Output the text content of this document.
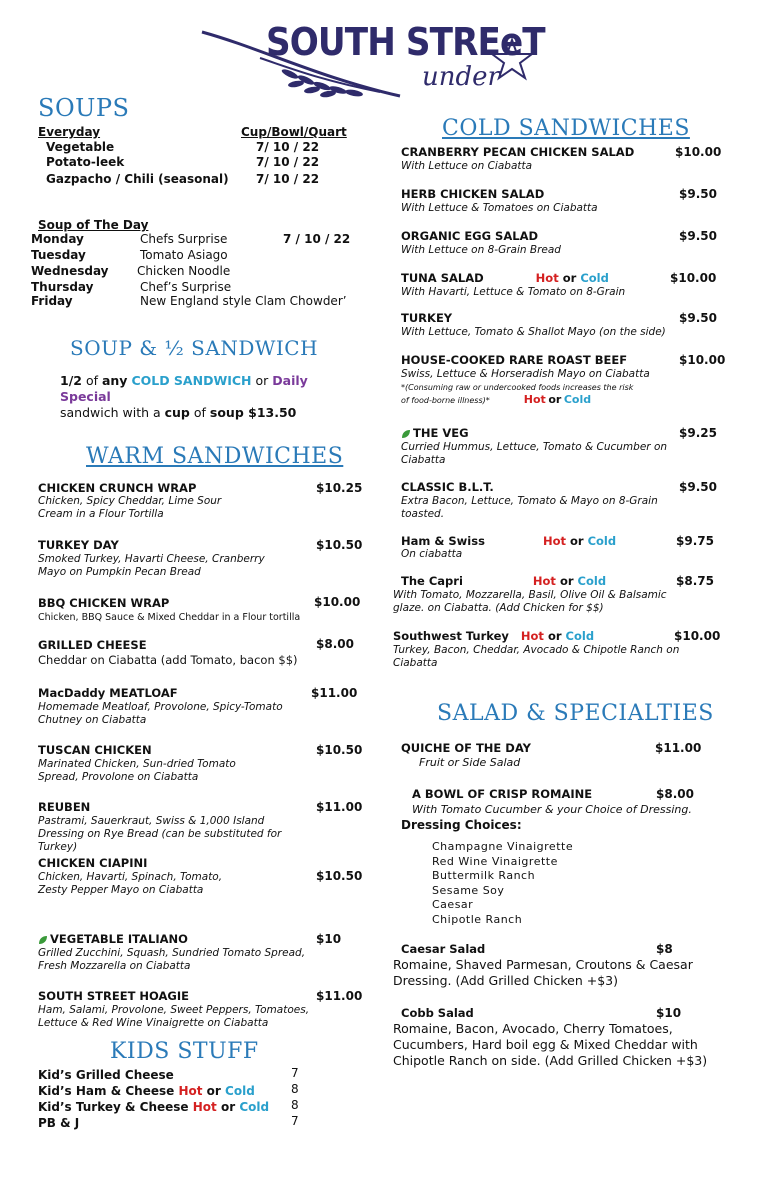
SOUTH STREeT
under
SOUPS
Everyday	Cup/Bowl/Quart
Vegetable	7/ 10 / 22
Potato-leek	7/ 10 / 22
Gazpacho / Chili (seasonal) 7/ 10 / 22
Soup of The Day
Monday	Chefs Surprise	7 / 10 / 22
Tuesday	Tomato Asiago
Wednesday Chicken Noodle
Thursday	Chef’s Surprise
Friday	New England style Clam Chowder’
SOUP & ½ SANDWICH
1/2 of any COLD SANDWICH or Daily Special
sandwich with a cup of soup $13.50
WARM SANDWICHES
CHICKEN CRUNCH WRAP	$10.25
Chicken, Spicy Cheddar, Lime Sour Cream in a Flour Tortilla
TURKEY DAY	$10.50
Smoked Turkey, Havarti Cheese, Cranberry Mayo on Pumpkin Pecan Bread
BBQ CHICKEN WRAP	$10.00
Chicken, BBQ Sauce & Mixed Cheddar in a Flour tortilla
GRILLED CHEESE	$8.00
Cheddar on Ciabatta (add Tomato, bacon $$)
MacDaddy MEATLOAF	$11.00
Homemade Meatloaf, Provolone, Spicy-Tomato Chutney on Ciabatta
TUSCAN CHICKEN	$10.50
Marinated Chicken, Sun-dried Tomato Spread, Provolone on Ciabatta
REUBEN	$11.00
Pastrami, Sauerkraut, Swiss & 1,000 Island Dressing on Rye Bread (can be substituted for Turkey)
CHICKEN CIAPINI
$10.50
Chicken, Havarti, Spinach, Tomato, Zesty Pepper Mayo on Ciabatta
VEGETABLE ITALIANO	$10
Grilled Zucchini, Squash, Sundried Tomato Spread, Fresh Mozzarella on Ciabatta
SOUTH STREET HOAGIE	$11.00
Ham, Salami, Provolone, Sweet Peppers, Tomatoes, Lettuce & Red Wine Vinaigrette on Ciabatta
KIDS STUFF
Kid’s Grilled Cheese	7
Kid’s Ham & Cheese Hot or Cold	8
Kid’s Turkey & Cheese Hot or Cold 8
PB & J	7
COLD SANDWICHES
CRANBERRY PECAN CHICKEN SALAD	$10.00
With Lettuce on Ciabatta
HERB CHICKEN SALAD	$9.50
With Lettuce & Tomatoes on Ciabatta
ORGANIC EGG SALAD	$9.50
With Lettuce on 8-Grain Bread
TUNA SALAD	Hot or Cold	$10.00
With Havarti, Lettuce & Tomato on 8-Grain
TURKEY	$9.50
With Lettuce, Tomato & Shallot Mayo (on the side)
HOUSE-COOKED RARE ROAST BEEF	$10.00
Swiss, Lettuce & Horseradish Mayo on Ciabatta
*(Consuming raw or undercooked foods increases the risk
of food-borne illness)*	Hot or Cold
THE VEG	$9.25
Curried Hummus, Lettuce, Tomato & Cucumber on Ciabatta
CLASSIC B.L.T.	$9.50
Extra Bacon, Lettuce, Tomato & Mayo on 8-Grain toasted.
Ham & Swiss	Hot or Cold	$9.75
On ciabatta
The Capri	Hot or Cold	$8.75
With Tomato, Mozzarella, Basil, Olive Oil & Balsamic glaze. on Ciabatta. (Add Chicken for $$)
Southwest Turkey Hot or Cold	$10.00
Turkey, Bacon, Cheddar, Avocado & Chipotle Ranch on Ciabatta
SALAD & SPECIALTIES
QUICHE OF THE DAY	$11.00
Fruit or Side Salad
A BOWL OF CRISP ROMAINE	$8.00
With Tomato Cucumber & your Choice of Dressing.
Dressing Choices:
Champagne Vinaigrette
Red Wine Vinaigrette
Buttermilk Ranch
Sesame Soy
Caesar
Chipotle Ranch
Caesar Salad	$8
Romaine, Shaved Parmesan, Croutons & Caesar Dressing. (Add Grilled Chicken +$3)
Cobb Salad	$10
Romaine, Bacon, Avocado, Cherry Tomatoes, Cucumbers, Hard boil egg & Mixed Cheddar with Chipotle Ranch on side. (Add Grilled Chicken +$3)
